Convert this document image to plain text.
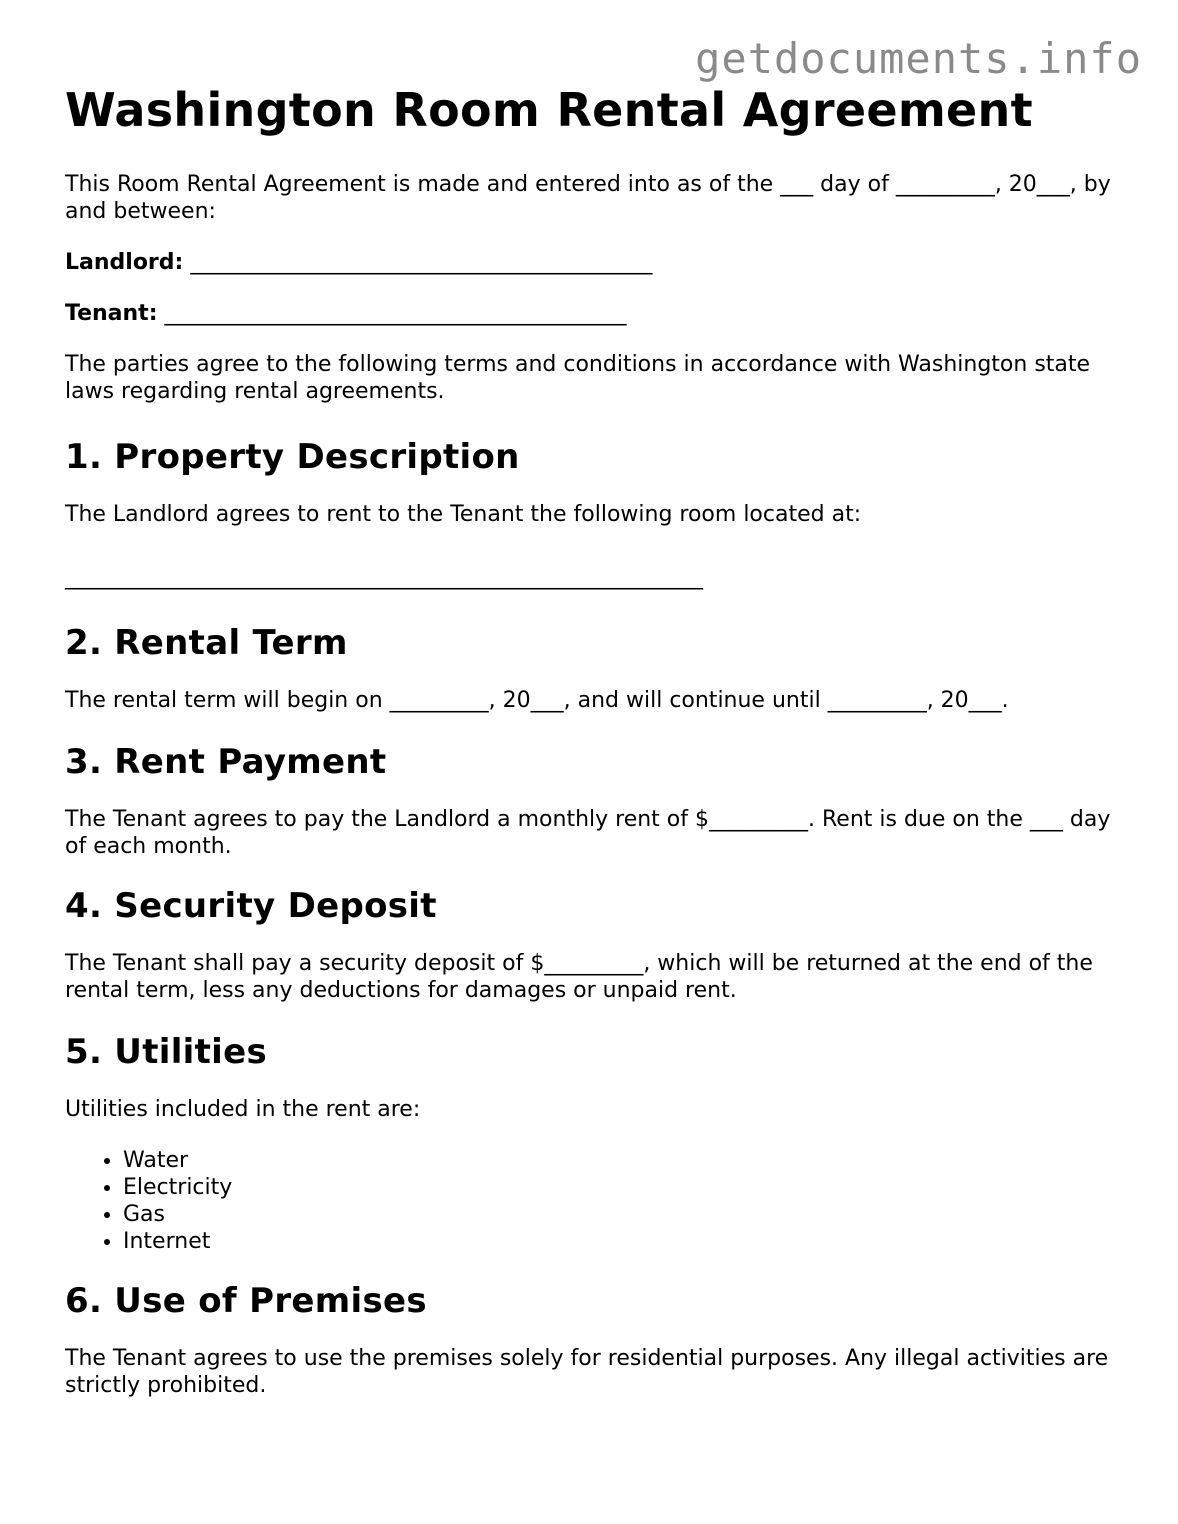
getdocuments.info
Washington Room Rental Agreement

This Room Rental Agreement is made and entered into as of the ___ day of _________, 20___, by and between:

Landlord: __________________________________________

Tenant: __________________________________________

The parties agree to the following terms and conditions in accordance with Washington state laws regarding rental agreements.

1. Property Description

The Landlord agrees to rent to the Tenant the following room located at:

__________________________________________________________
2. Rental Term

The rental term will begin on _________, 20___, and will continue until _________, 20___.

3. Rent Payment

The Tenant agrees to pay the Landlord a monthly rent of $_________. Rent is due on the ___ day of each month.

4. Security Deposit

The Tenant shall pay a security deposit of $_________, which will be returned at the end of the rental term, less any deductions for damages or unpaid rent.

5. Utilities

Utilities included in the rent are:

• Water
• Electricity
• Gas
• Internet
6. Use of Premises

The Tenant agrees to use the premises solely for residential purposes. Any illegal activities are strictly prohibited.
